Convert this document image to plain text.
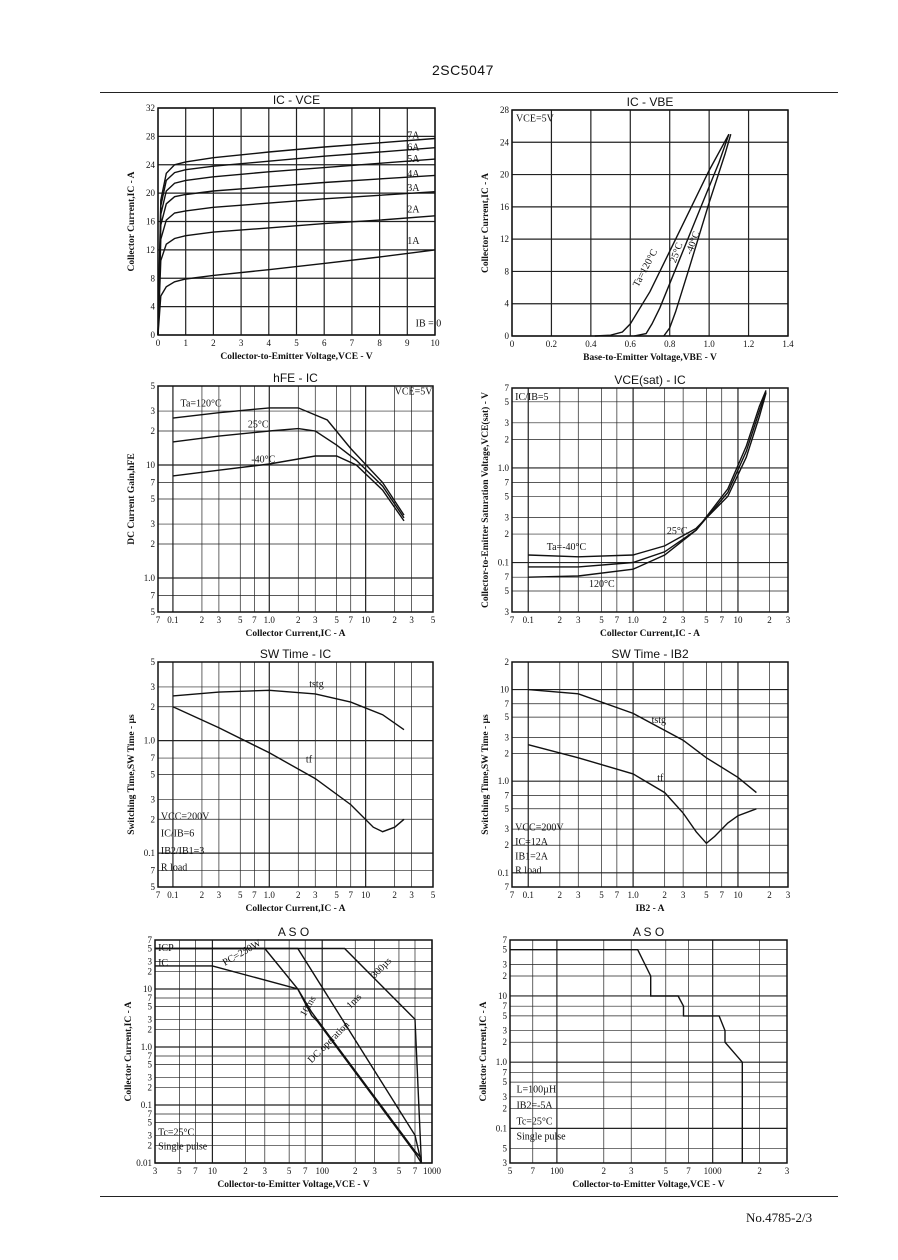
2SC5047
0	1	2	3	4	5	6	7	8	9 10
0
4
8
12
16
20
24
28
32
IC - VCE
Collector-to-Emitter Voltage,VCE - V
Collector Current,IC - A	1A
2A
3A
4A
5A
6A
7A
IB = 0
0	0.2	0.4	0.6	0.8	1.0	1.2	1.4
0
4
8
12
16
20
24
28
IC - VBE
Base-to-Emitter Voltage,VBE - V
Collector Current,IC - A	Ta=120°C 25°C
-40°C
VCE=5V
7 0.1 2 3 5 7 1.0 2 3 5 7 10 2 3 5
5
7
1.0
2
3
5
7
10
2
3
5
hFE - IC
Collector Current,IC - A
DC Current Gain,hFE
Ta=120°C
25°C
-40°C
VCE=5V
7 0.1	2 3 5 7 1.0	2 3 5 7 10	2 3
3
5
7
0.1
2
3
5
7
1.0
2
3
5
7
VCE(sat) - IC
Collector Current,IC - A
Collector-to-Emitter Saturation Voltage,VCE(sat) - V	Ta=-40°C
25°C
120°C
IC/IB=5
7 0.1 2 3 5 7 1.0 2 3 5 7 10 2 3 5
5
7
0.1
2
3
5
7
1.0
2
3
5
SW Time - IC
Collector Current,IC - A
Switching Time,SW Time - µs
tstg
tf
VCC=200V
IC/IB=6
IB2/IB1=3
R load
7 0.1	2 3 5 7 1.0	2 3 5 7 10	2 3
7
0.1
2
3
5
7
1.0
2
3
5
7
10
2
SW Time - IB2
IB2 - A
Switching Time,SW Time - µs	tstg
tf
VCC=200V
IC=12A
IB1=2A
R load
3 5 7 10	2 3 5 7 100	2 3 5 7 1000
0.01
2
3
5
7
0.1
2
3
5
7
1.0
2
3
5
7
10
2
3
5
7
A S O
Collector-to-Emitter Voltage,VCE - V
Collector Current,IC - A
ICP
IC	PC=250W
10ms	1ms
300µs
DC operation
Tc=25°C
Single pulse
5 7 100	2	3	5 7 1000	2	3
3
5
0.1
2
3
5
7
1.0
2
3
5
7
10
2
3
5
7
A S O
Collector-to-Emitter Voltage,VCE - V
Collector Current,IC - A	L=100µH
IB2=-5A
Tc=25°C
Single pulse
No.4785-2/3
